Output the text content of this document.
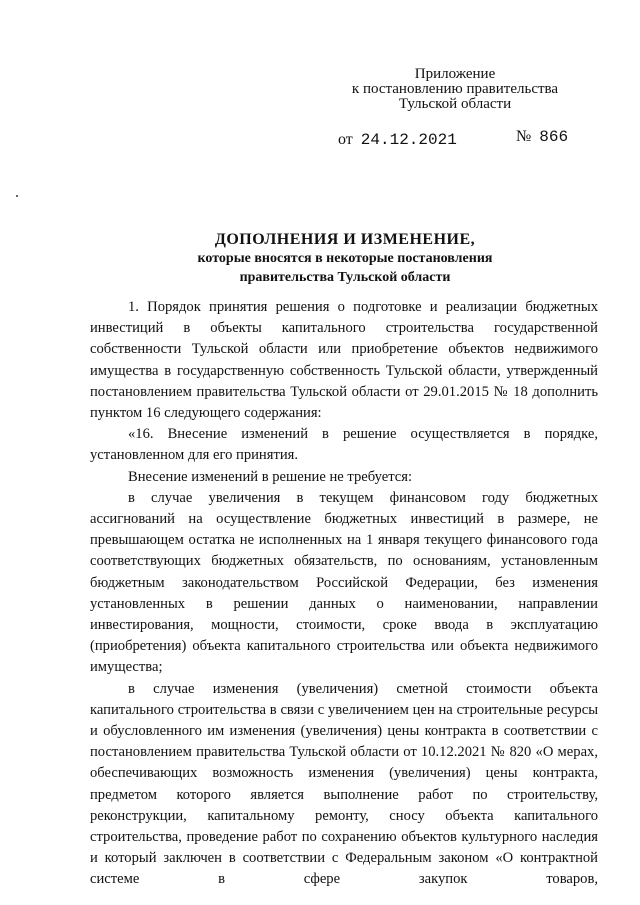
Приложение
к постановлению правительства
Тульской области
от 24.12.2021	№ 866
ДОПОЛНЕНИЯ И ИЗМЕНЕНИЕ,
которые вносятся в некоторые постановления
правительства Тульской области

1. Порядок принятия решения о подготовке и реализации бюджетных инвестиций в объекты капитального строительства государственной собственности Тульской области или приобретение объектов недвижимого имущества в государственную собственность Тульской области, утвержденный постановлением правительства Тульской области от 29.01.2015 № 18 дополнить пунктом 16 следующего содержания:

«16. Внесение изменений в решение осуществляется в порядке, установленном для его принятия.

Внесение изменений в решение не требуется:

в случае увеличения в текущем финансовом году бюджетных ассигнований на осуществление бюджетных инвестиций в размере, не превышающем остатка не исполненных на 1 января текущего финансового года соответствующих бюджетных обязательств, по основаниям, установленным бюджетным законодательством Российской Федерации, без изменения установленных в решении данных о наименовании, направлении инвестирования, мощности, стоимости, сроке ввода в эксплуатацию (приобретения) объекта капитального строительства или объекта недвижимого имущества;

в случае изменения (увеличения) сметной стоимости объекта капитального строительства в связи с увеличением цен на строительные ресурсы и обусловленного им изменения (увеличения) цены контракта в соответствии с постановлением правительства Тульской области от 10.12.2021 № 820 «О мерах, обеспечивающих возможность изменения (увеличения) цены контракта, предметом которого является выполнение работ по строительству, реконструкции, капитальному ремонту, сносу объекта капитального строительства, проведение работ по сохранению объектов культурного наследия и который заключен в соответствии с Федеральным законом «О контрактной системе в сфере закупок товаров,
